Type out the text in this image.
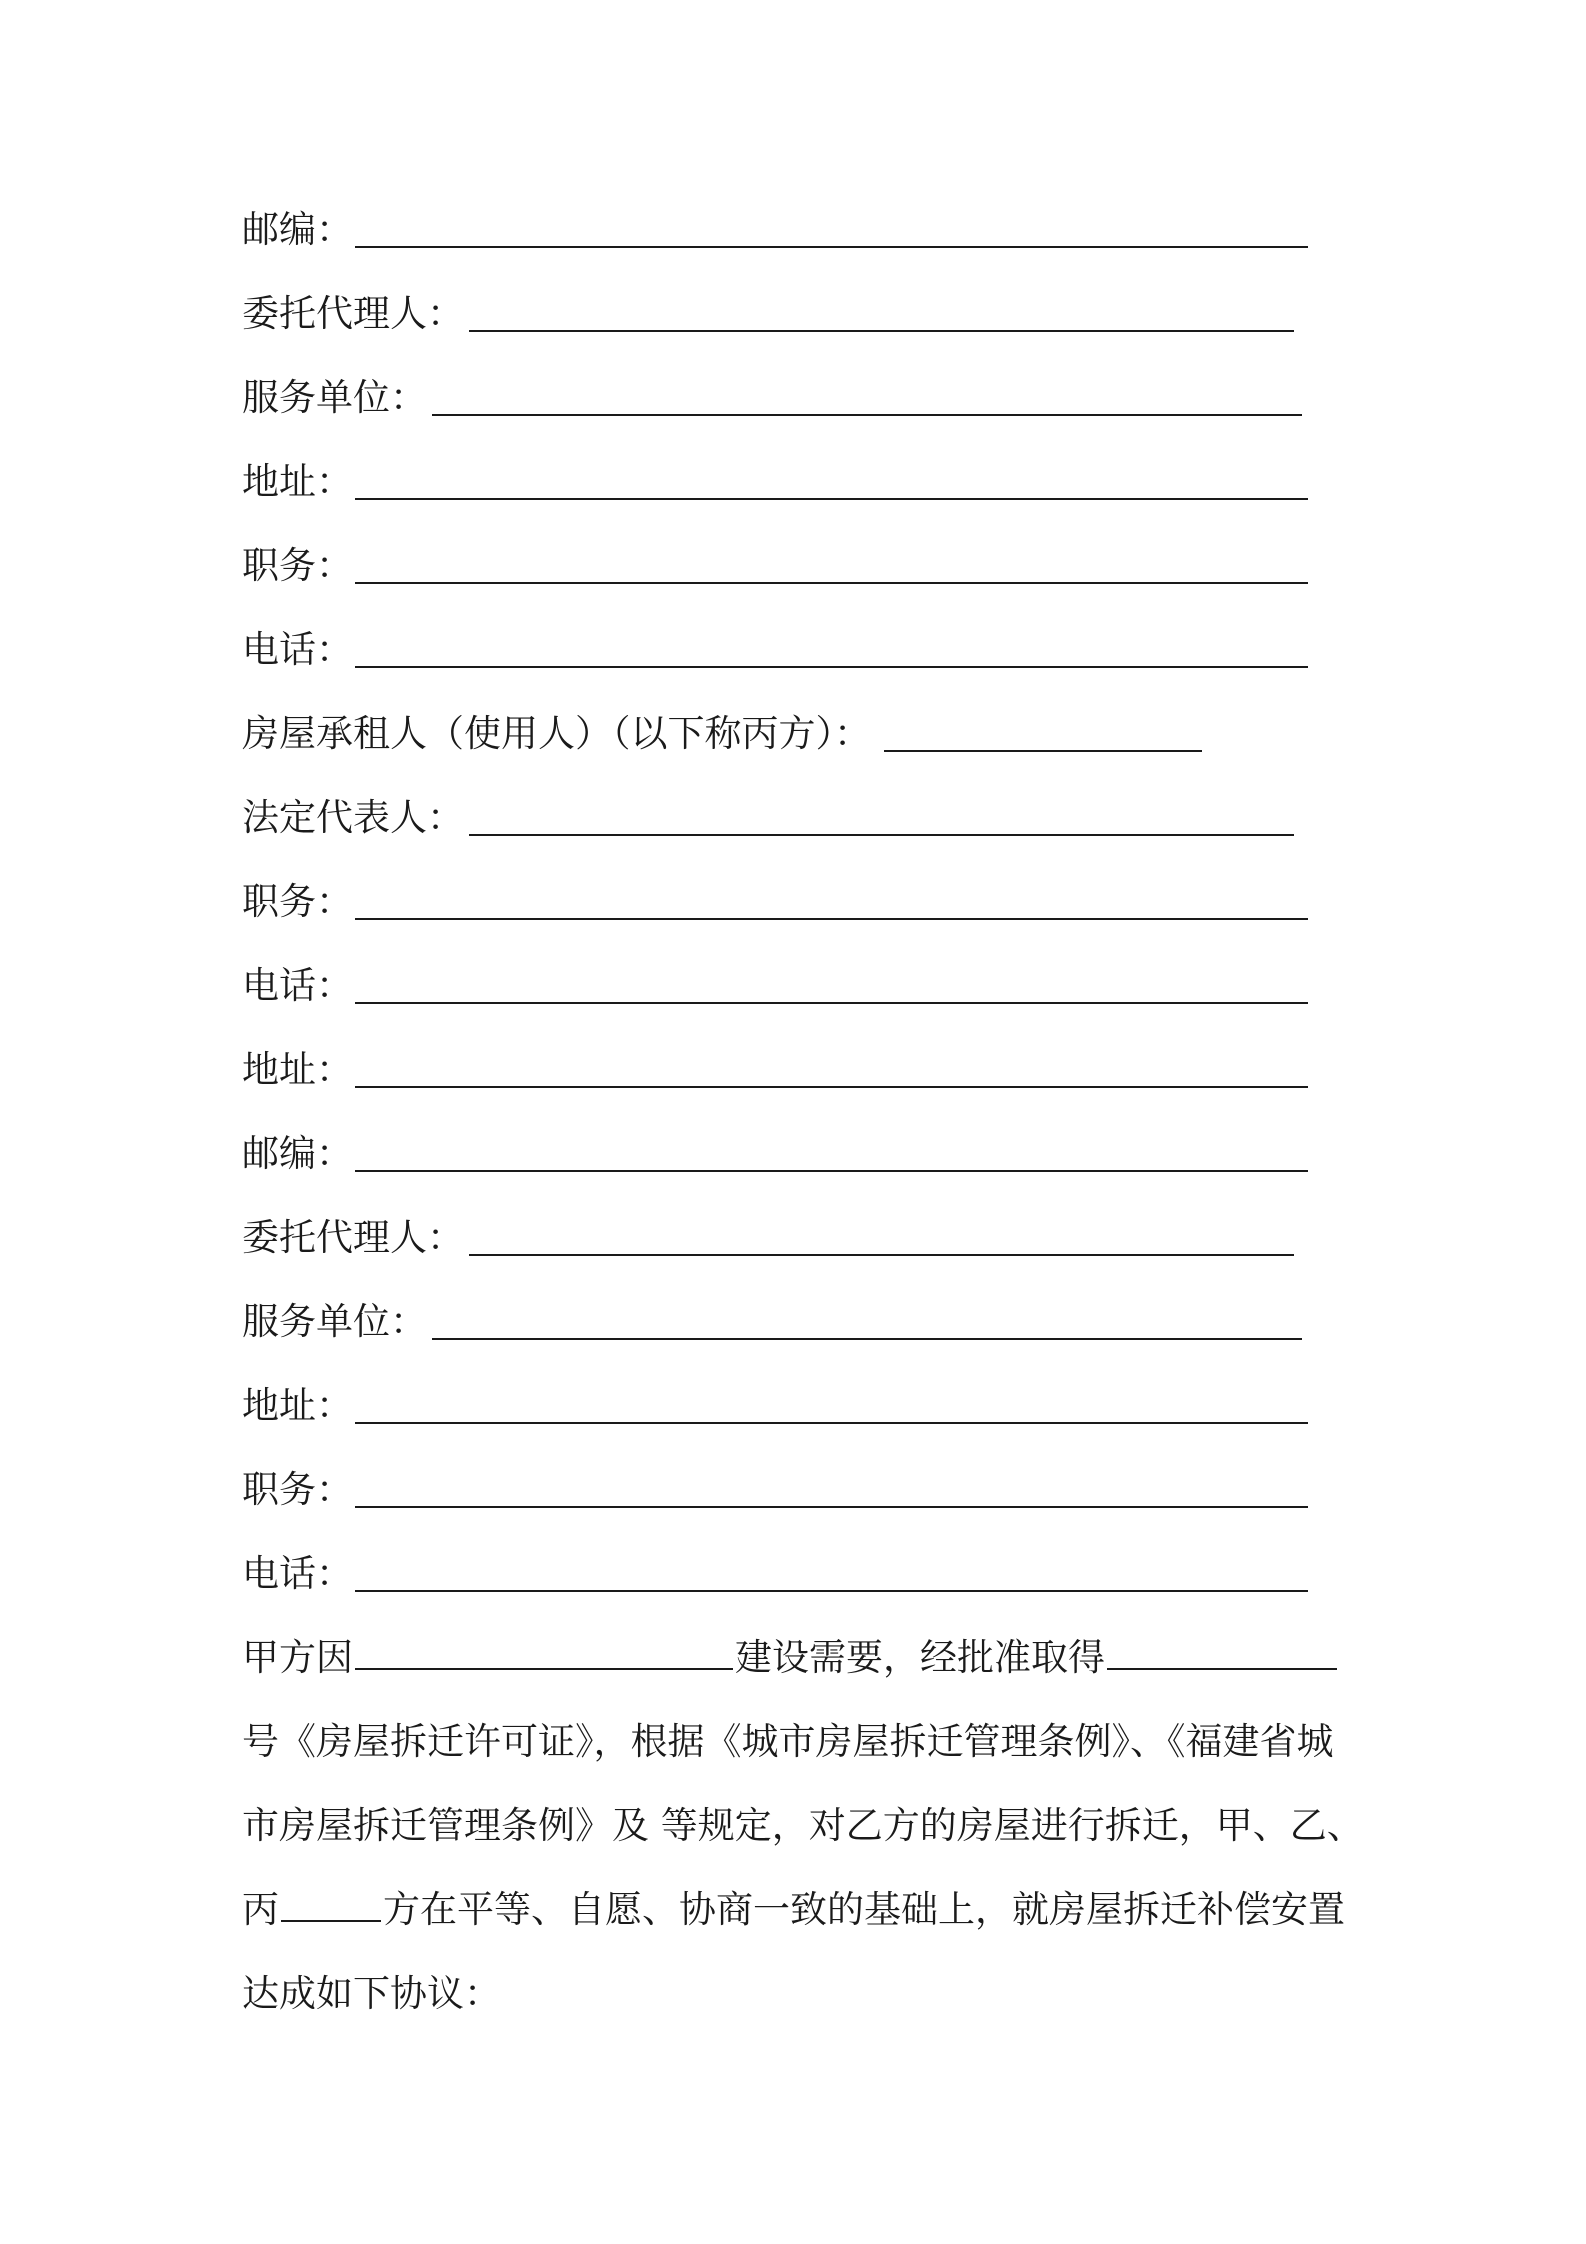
邮编：
委托代理人：
服务单位：
地址：
职务：
电话：
房屋承租人（使用人）（以下称丙方）：
法定代表人：
职务：
电话：
地址：
邮编：
委托代理人：
服务单位：
地址：
职务：
电话：
甲方因	建设需要，经批准取得
号《房屋拆迁许可证》，根据《城市房屋拆迁管理条例》、《福建省城
市房屋拆迁管理条例》及 等规定，对乙方的房屋进行拆迁，甲、乙、
丙	方在平等、自愿、协商一致的基础上，就房屋拆迁补偿安置
达成如下协议：
